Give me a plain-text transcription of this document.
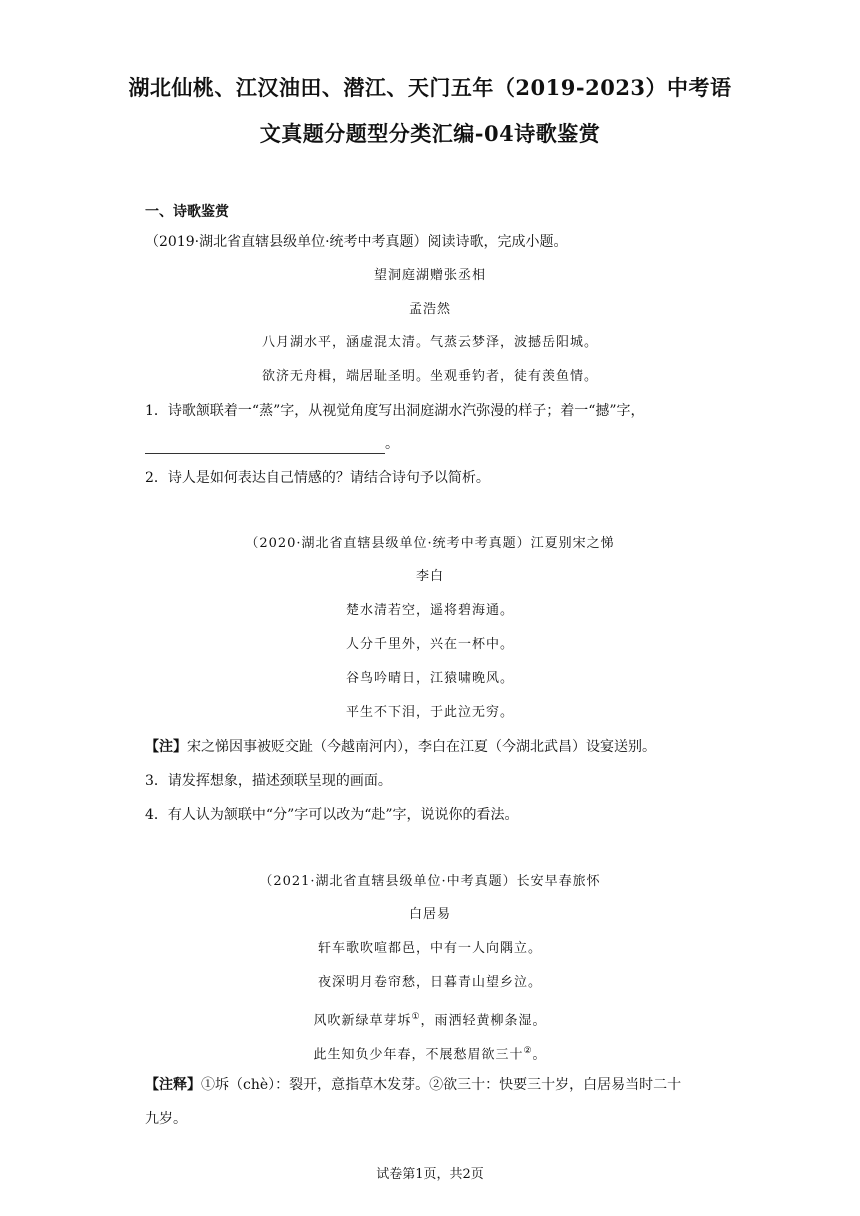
湖北仙桃、江汉油田、潜江、天门五年（2019-2023）中考语
文真题分题型分类汇编-04诗歌鉴赏
一、诗歌鉴赏
（2019·湖北省直辖县级单位·统考中考真题）阅读诗歌，完成小题。
望洞庭湖赠张丞相
孟浩然
八月湖水平，涵虚混太清。气蒸云梦泽，波撼岳阳城。
欲济无舟楫，端居耻圣明。坐观垂钓者，徒有羡鱼情。
1．诗歌颔联着一“蒸”字，从视觉角度写出洞庭湖水汽弥漫的样子；着一“撼”字，
。
2．诗人是如何表达自己情感的？请结合诗句予以简析。
（2020·湖北省直辖县级单位·统考中考真题）江夏别宋之悌
李白
楚水清若空，遥将碧海通。
人分千里外，兴在一杯中。
谷鸟吟晴日，江猿啸晚风。
平生不下泪，于此泣无穷。
【注】宋之悌因事被贬交趾（今越南河内），李白在江夏（今湖北武昌）设宴送别。
3．请发挥想象，描述颈联呈现的画面。
4．有人认为颔联中“分”字可以改为“赴”字，说说你的看法。
（2021·湖北省直辖县级单位·中考真题）长安早春旅怀
白居易
轩车歌吹喧都邑，中有一人向隅立。
夜深明月卷帘愁，日暮青山望乡泣。
风吹新绿草芽坼①，雨洒轻黄柳条湿。
此生知负少年春，不展愁眉欲三十②。
【注释】①坼（chè）：裂开，意指草木发芽。②欲三十：快要三十岁，白居易当时二十
九岁。
试卷第1页，共2页
